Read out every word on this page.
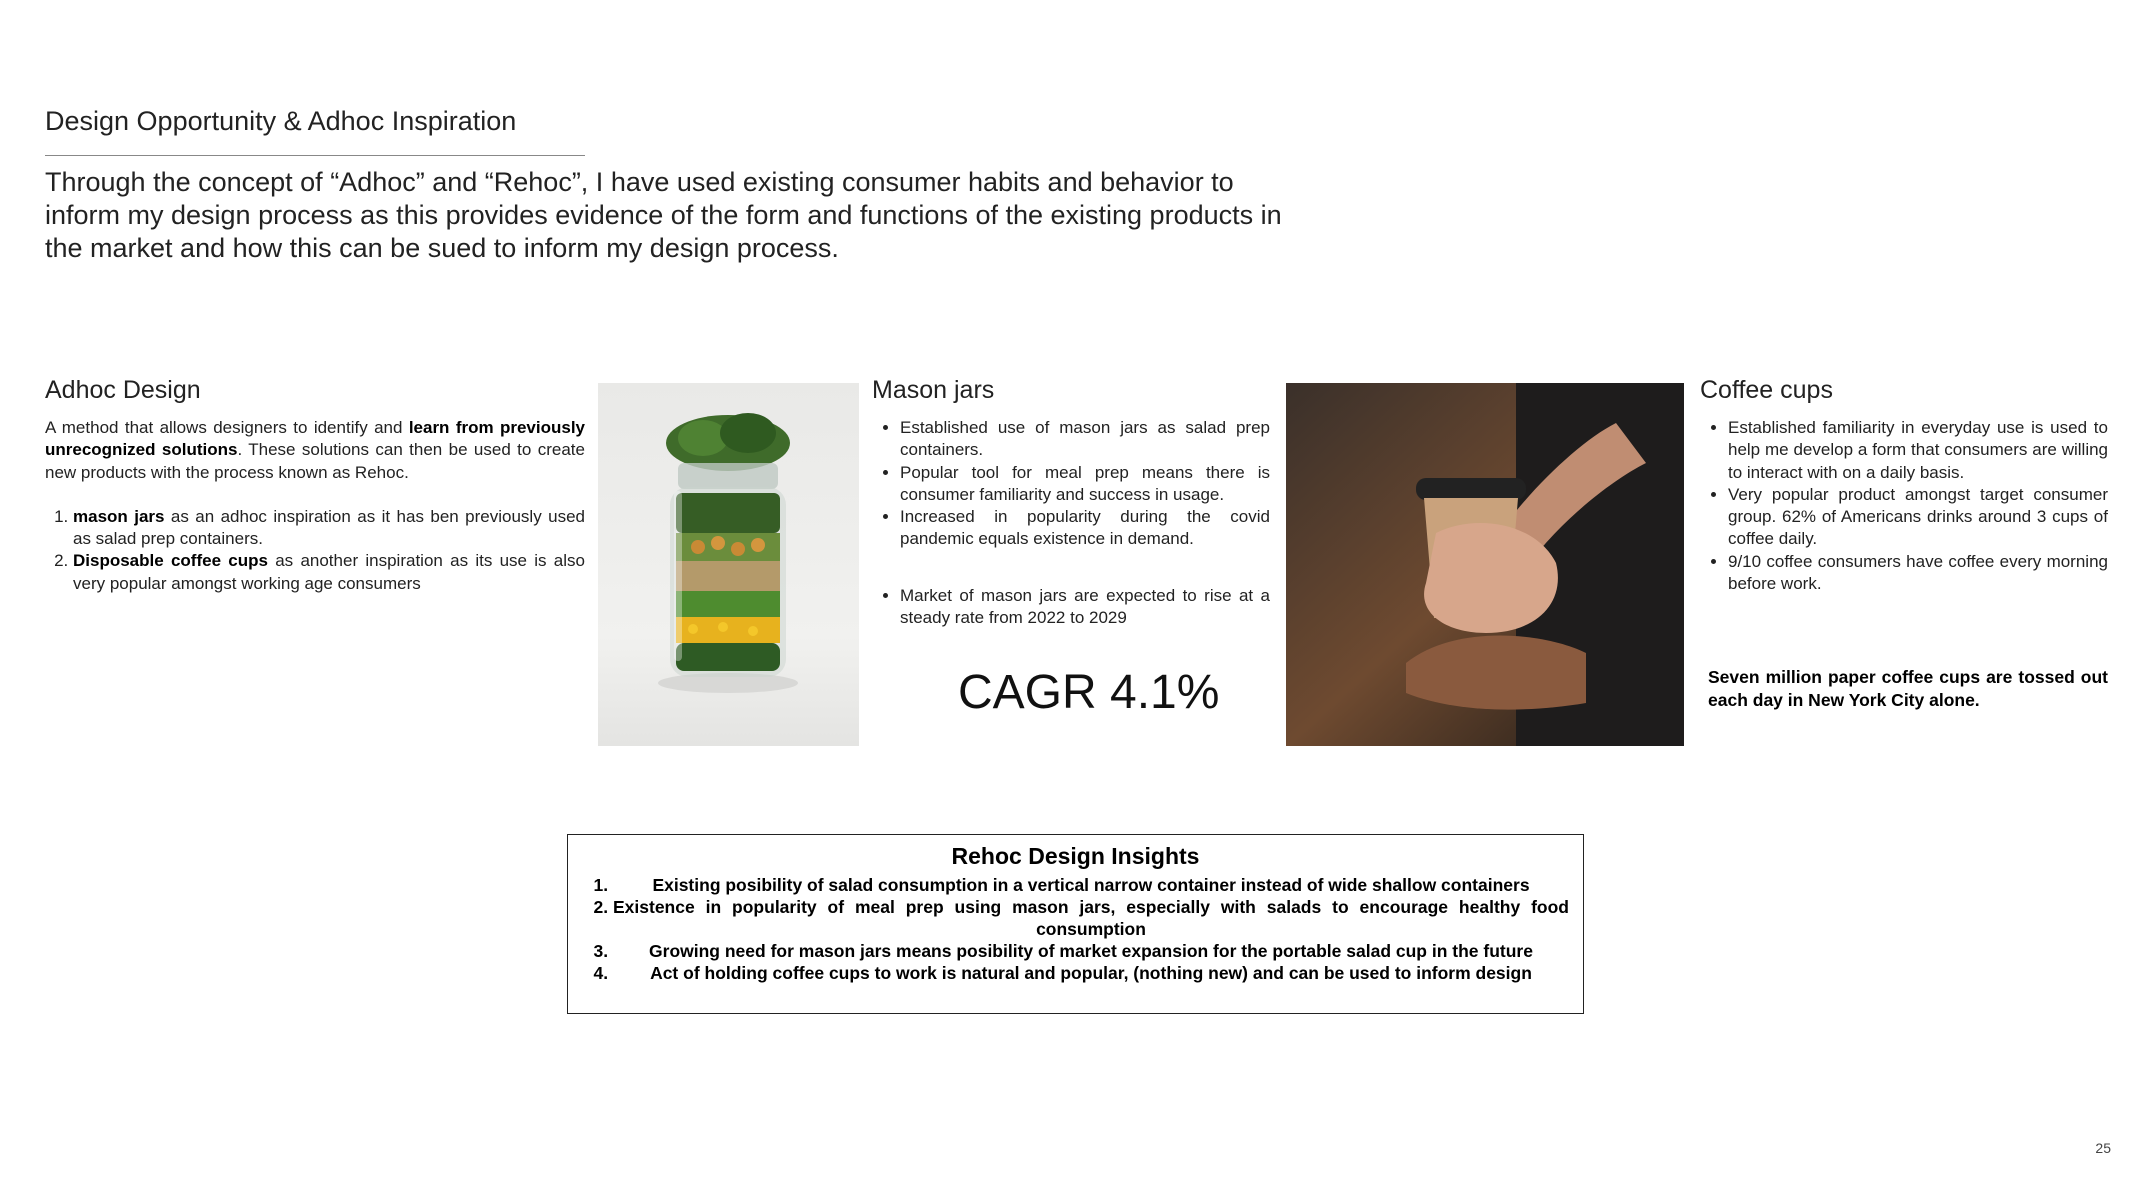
Design Opportunity & Adhoc Inspiration
Through the concept of “Adhoc” and “Rehoc”, I have used existing consumer habits and behavior to inform my design process as this provides evidence of the form and functions of the existing products in the market and how this can be sued to inform my design process.
Adhoc Design
A method that allows designers to identify and learn from previously unrecognized solutions. These solutions can then be used to create new products with the process known as Rehoc.
1. mason jars as an adhoc inspiration as it has ben previously used as salad prep containers.
2. Disposable coffee cups as another inspiration as its use is also very popular amongst working age consumers
Mason jars
• Established use of mason jars as salad prep containers.
• Popular tool for meal prep means there is consumer familiarity and success in usage.
• Increased in popularity during the covid pandemic equals existence in demand.
• Market of mason jars are expected to rise at a steady rate from 2022 to 2029
CAGR 4.1%
Coffee cups
• Established familiarity in everyday use is used to help me develop a form that consumers are willing to interact with on a daily basis.
• Very popular product amongst target consumer group. 62% of Americans drinks around 3 cups of coffee daily.
• 9/10 coffee consumers have coffee every morning before work.
Seven million paper coffee cups are tossed out each day in New York City alone.
Rehoc Design Insights
1. Existing posibility of salad consumption in a vertical narrow container instead of wide shallow containers
2. Existence in popularity of meal prep using mason jars, especially with salads to encourage healthy food consumption
3. Growing need for mason jars means posibility of market expansion for the portable salad cup in the future
4. Act of holding coffee cups to work is natural and popular, (nothing new) and can be used to inform design
25
